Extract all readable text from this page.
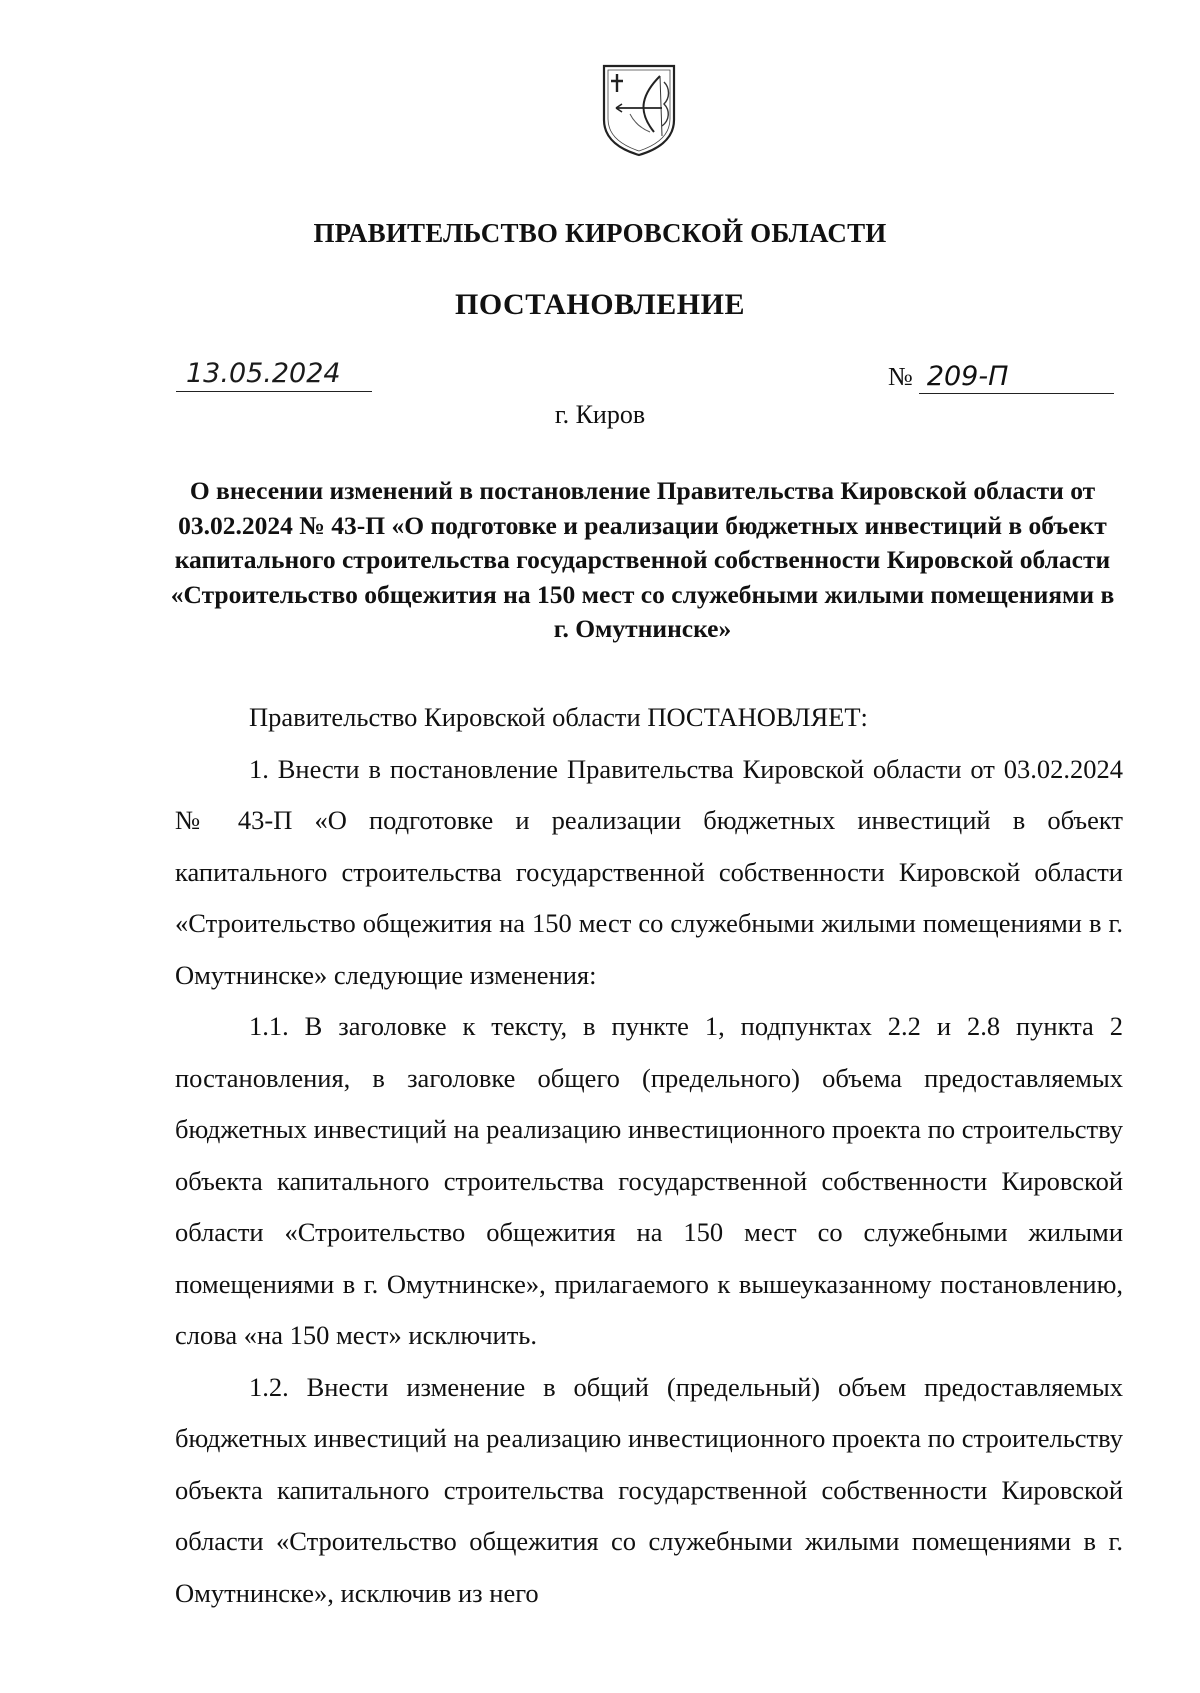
ПРАВИТЕЛЬСТВО КИРОВСКОЙ ОБЛАСТИ
ПОСТАНОВЛЕНИЕ
13.05.2024	№ 209-П
г. Киров
О внесении изменений в постановление Правительства Кировской области от 03.02.2024 № 43-П «О подготовке и реализации бюджетных инвестиций в объект капитального строительства государственной собственности Кировской области «Строительство общежития на 150 мест со служебными жилыми помещениями в г. Омутнинске»

Правительство Кировской области ПОСТАНОВЛЯЕТ:

1. Внести в постановление Правительства Кировской области от 03.02.2024 № 43-П «О подготовке и реализации бюджетных инвестиций в объект капитального строительства государственной собственности Кировской области «Строительство общежития на 150 мест со служебными жилыми помещениями в г. Омутнинске» следующие изменения:

1.1. В заголовке к тексту, в пункте 1, подпунктах 2.2 и 2.8 пункта 2 постановления, в заголовке общего (предельного) объема предоставляемых бюджетных инвестиций на реализацию инвестиционного проекта по строительству объекта капитального строительства государственной собственности Кировской области «Строительство общежития на 150 мест со служебными жилыми помещениями в г. Омутнинске», прилагаемого к вышеуказанному постановлению, слова «на 150 мест» исключить.

1.2. Внести изменение в общий (предельный) объем предоставляемых бюджетных инвестиций на реализацию инвестиционного проекта по строительству объекта капитального строительства государственной собственности Кировской области «Строительство общежития со служебными жилыми помещениями в г. Омутнинске», исключив из него
